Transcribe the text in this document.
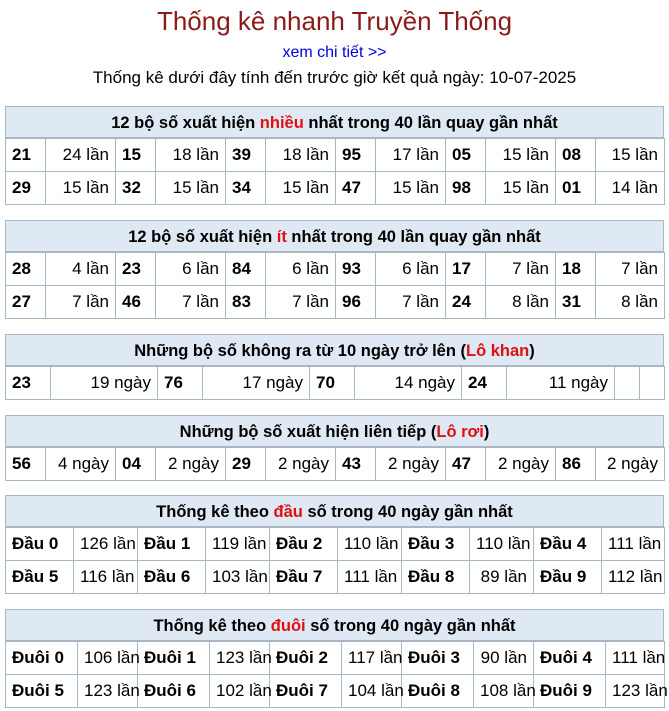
Thống kê nhanh Truyền Thống
xem chi tiết >>
Thống kê dưới đây tính đến trước giờ kết quả ngày: 10-07-2025
12 bộ số xuất hiện nhiều nhất trong 40 lần quay gần nhất
21	24 lần	15	18 lần	39	18 lần	95	17 lần	05	15 lần	08	15 lần
29	15 lần	32	15 lần	34	15 lần	47	15 lần	98	15 lần	01	14 lần
12 bộ số xuất hiện ít nhất trong 40 lần quay gần nhất
28	4 lần	23	6 lần	84	6 lần	93	6 lần	17	7 lần	18	7 lần
27	7 lần	46	7 lần	83	7 lần	96	7 lần	24	8 lần	31	8 lần
Những bộ số không ra từ 10 ngày trở lên (Lô khan)
23	19 ngày	76	17 ngày	70	14 ngày	24	11 ngày		
Những bộ số xuất hiện liên tiếp (Lô rơi)
56	4 ngày	04	2 ngày	29	2 ngày	43	2 ngày	47	2 ngày	86	2 ngày
Thống kê theo đầu số trong 40 ngày gần nhất
Đầu 0	126 lần	Đầu 1	119 lần	Đầu 2	110 lần	Đầu 3	110 lần	Đầu 4	111 lần
Đầu 5	116 lần	Đầu 6	103 lần	Đầu 7	111 lần	Đầu 8	89 lần	Đầu 9	112 lần
Thống kê theo đuôi số trong 40 ngày gần nhất
Đuôi 0	106 lần	Đuôi 1	123 lần	Đuôi 2	117 lần	Đuôi 3	90 lần	Đuôi 4	111 lần
Đuôi 5	123 lần	Đuôi 6	102 lần	Đuôi 7	104 lần	Đuôi 8	108 lần	Đuôi 9	123 lần
